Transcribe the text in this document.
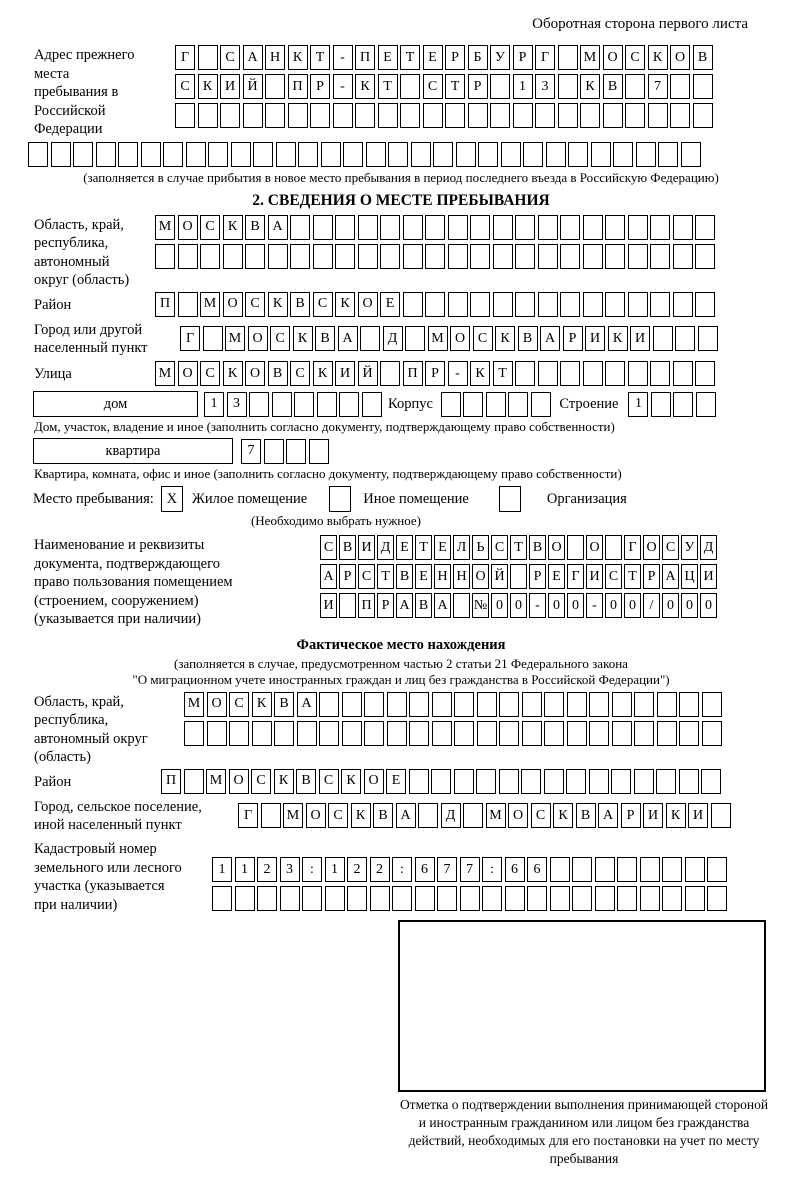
Оборотная сторона первого листа
Адрес прежнего места пребывания в Российской Федерации
Г	С А Н К Т	-	П Е Т Е	Р	Б У Р	Г	М О С К О В
С К И Й	П Р	-	К Т	С Т	Р	1	3	К В	7
(заполняется в случае прибытия в новое место пребывания в период последнего въезда в Российскую Федерацию)
2. СВЕДЕНИЯ О МЕСТЕ ПРЕБЫВАНИЯ
Область, край, республика, автономный округ (область)
М О С К В А
Район	П	М О С К В С К О Е
Город или другой населенный пункт
Г	М О С К В А	Д	М О С К В А Р И К И
Улица	М О С К О В С К И Й	П Р	-	К Т
дом	1	3	Корпус	Строение	1
Дом, участок, владение и иное (заполнить согласно документу, подтверждающему право собственности)
квартира	7
Квартира, комната, офис и иное (заполнить согласно документу, подтверждающему право собственности)
Место пребывания: X	Жилое помещение	Иное помещение	Организация
(Необходимо выбрать нужное)
Наименование и реквизиты документа, подтверждающего право пользования помещением (строением, сооружением) (указывается при наличии)
С В И Д Е Т Е Л Ь С Т В О О	Г О С У Д
А Р С Т В Е Н Н О Й	Р Е Г И С Т Р А Ц И
И П Р А В А № 0 0 - 0 0 - 0 0 / 0 0 0
Фактическое место нахождения
(заполняется в случае, предусмотренном частью 2 статьи 21 Федерального закона
"О миграционном учете иностранных граждан и лиц без гражданства в Российской Федерации")
Область, край, республика, автономный округ (область)
М О С К В А
Район	П	М О С К В С К О Е
Город, сельское поселение, иной населенный пункт
Г	М О С К В А	Д	М О С К В А Р И К И
Кадастровый номер земельного или лесного участка (указывается при наличии)
1	1	2	3	:	1	2	2	:	6	7	7	:	6	6
Отметка о подтверждении выполнения принимающей стороной и иностранным гражданином или лицом без гражданства действий, необходимых для его постановки на учет по месту пребывания
